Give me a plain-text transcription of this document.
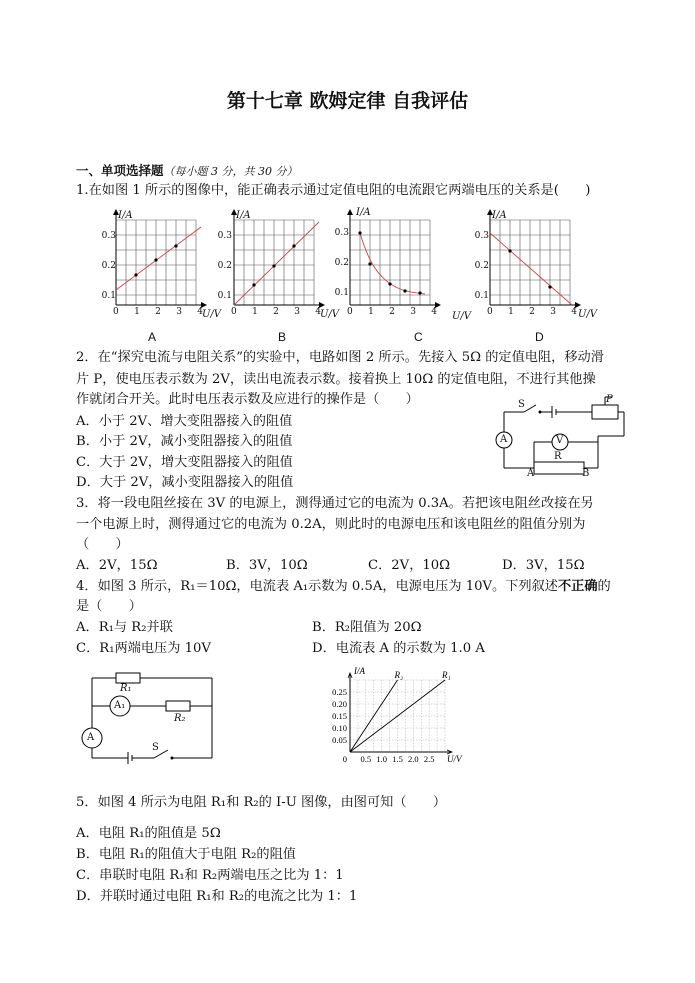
第十七章 欧姆定律 自我评估
一、单项选择题（每小题 3 分，共 30 分）
1.在如图 1 所示的图像中，能正确表示通过定值电阻的电流跟它两端电压的关系是(　　)
I/A	I/A	I/A	I/A
U/V	U/V	U/V	U/V
0.3

0.2

0.1
0.3

0.2

0.1
0.3

0.2

0.1
0.3

0.2

0.1
0 1 2 3 4	0 1 2 3 4	0 1 2 3 4	0 1 2 3 4
A	B	C	D
2．在“探究电流与电阻关系”的实验中，电路如图 2 所示。先接入 5Ω 的定值电阻，移动滑
片 P，使电压表示数为 2V，读出电流表示数。接着换上 10Ω 的定值电阻，不进行其他操
作就闭合开关。此时电压表示数及应进行的操作是（　　）
A．小于 2V、增大变阻器接入的阻值
B．小于 2V，减小变阻器接入的阻值
C．大于 2V，增大变阻器接入的阻值
D．大于 2V，减小变阻器接入的阻值
S	P
A	V
R
A	B
3．将一段电阻丝接在 3V 的电源上，测得通过它的电流为 0.3A。若把该电阻丝改接在另
一个电源上时，测得通过它的电流为 0.2A，则此时的电源电压和该电阻丝的阻值分别为
（　　）
A．2V，15Ω	B．3V，10Ω	C．2V，10Ω	D．3V，15Ω
4．如图 3 所示，R₁＝10Ω，电流表 A₁示数为 0.5A，电源电压为 10V。下列叙述不正确的
是（　　）
A．R₁与 R₂并联	B．R₂阻值为 20Ω
C．R₁两端电压为 10V	D．电流表 A 的示数为 1.0 A
R₁
R₂
A₁
A
S
R₂	R₁
I/A
U/V
0.25
0.20
0.15
0.10
0.05
0 0.5 1.0 1.5 2.0 2.5
5．如图 4 所示为电阻 R₁和 R₂的 I-U 图像，由图可知（　　）
A．电阻 R₁的阻值是 5Ω
B．电阻 R₁的阻值大于电阻 R₂的阻值
C．串联时电阻 R₁和 R₂两端电压之比为 1：1
D．并联时通过电阻 R₁和 R₂的电流之比为 1：1
